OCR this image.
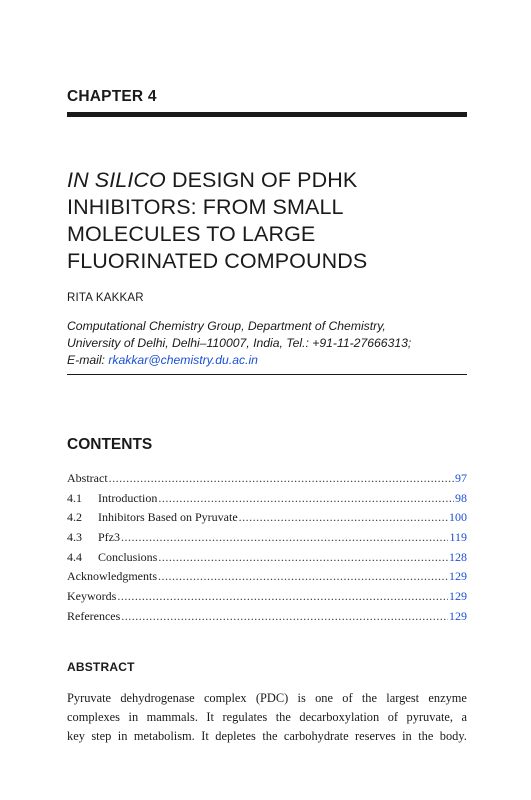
CHAPTER 4
IN SILICO DESIGN OF PDHK
INHIBITORS: FROM SMALL
MOLECULES TO LARGE
FLUORINATED COMPOUNDS
RITA KAKKAR
Computational Chemistry Group, Department of Chemistry,
University of Delhi, Delhi–110007, India, Tel.: +91-11-27666313;
E-mail: rkakkar@chemistry.du.ac.in
CONTENTS
Abstract .....	97
4.1	Introduction .....	98
4.2	Inhibitors Based on Pyruvate .....	100
4.3	Pfz3 .....	119
4.4	Conclusions .....	128
Acknowledgments .....	129
Keywords .....	129
References .....	129
ABSTRACT
Pyruvate dehydrogenase complex (PDC) is one of the largest enzyme
complexes in mammals. It regulates the decarboxylation of pyruvate, a
key step in metabolism. It depletes the carbohydrate reserves in the body.
